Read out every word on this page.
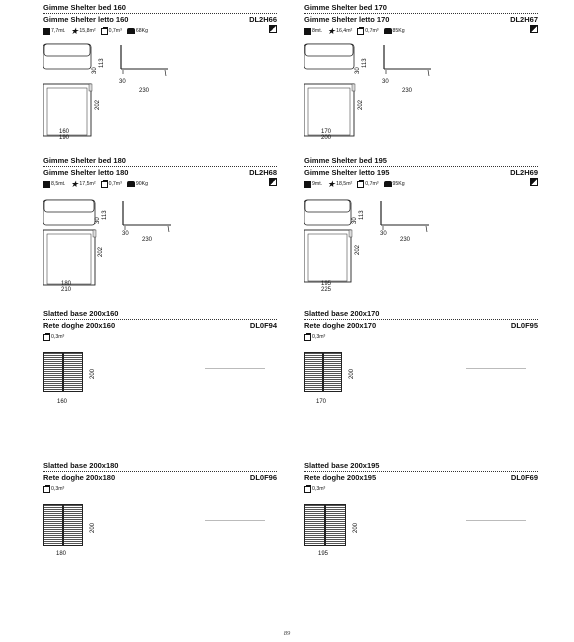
Gimme Shelter bed 160
Gimme Shelter letto 160	DL2H66
7,7mt. ★ 15,8m²	0,7m³	68Kg
30
113
30
230
202
160
190
Gimme Shelter bed 170
Gimme Shelter letto 170	DL2H67
8mt. ★ 16,4m²	0,7m³	85Kg
30
113
30
230
202
170
200
Gimme Shelter bed 180
Gimme Shelter letto 180	DL2H68
8,5mt. ★ 17,5m²	0,7m³	90Kg
30
113
30
230
202
180
210
Gimme Shelter bed 195
Gimme Shelter letto 195	DL2H69
9mt. ★ 18,5m²	0,7m³	95Kg
30
113
30
230
202
195
225
Slatted base 200x160
Rete doghe 200x160	DL0F94
0,3m³
200
160
Slatted base 200x170
Rete doghe 200x170	DL0F95
0,3m³
200
170
Slatted base 200x180
Rete doghe 200x180	DL0F96
0,3m³
200
180
Slatted base 200x195
Rete doghe 200x195	DL0F69
0,3m³
200
195
89
